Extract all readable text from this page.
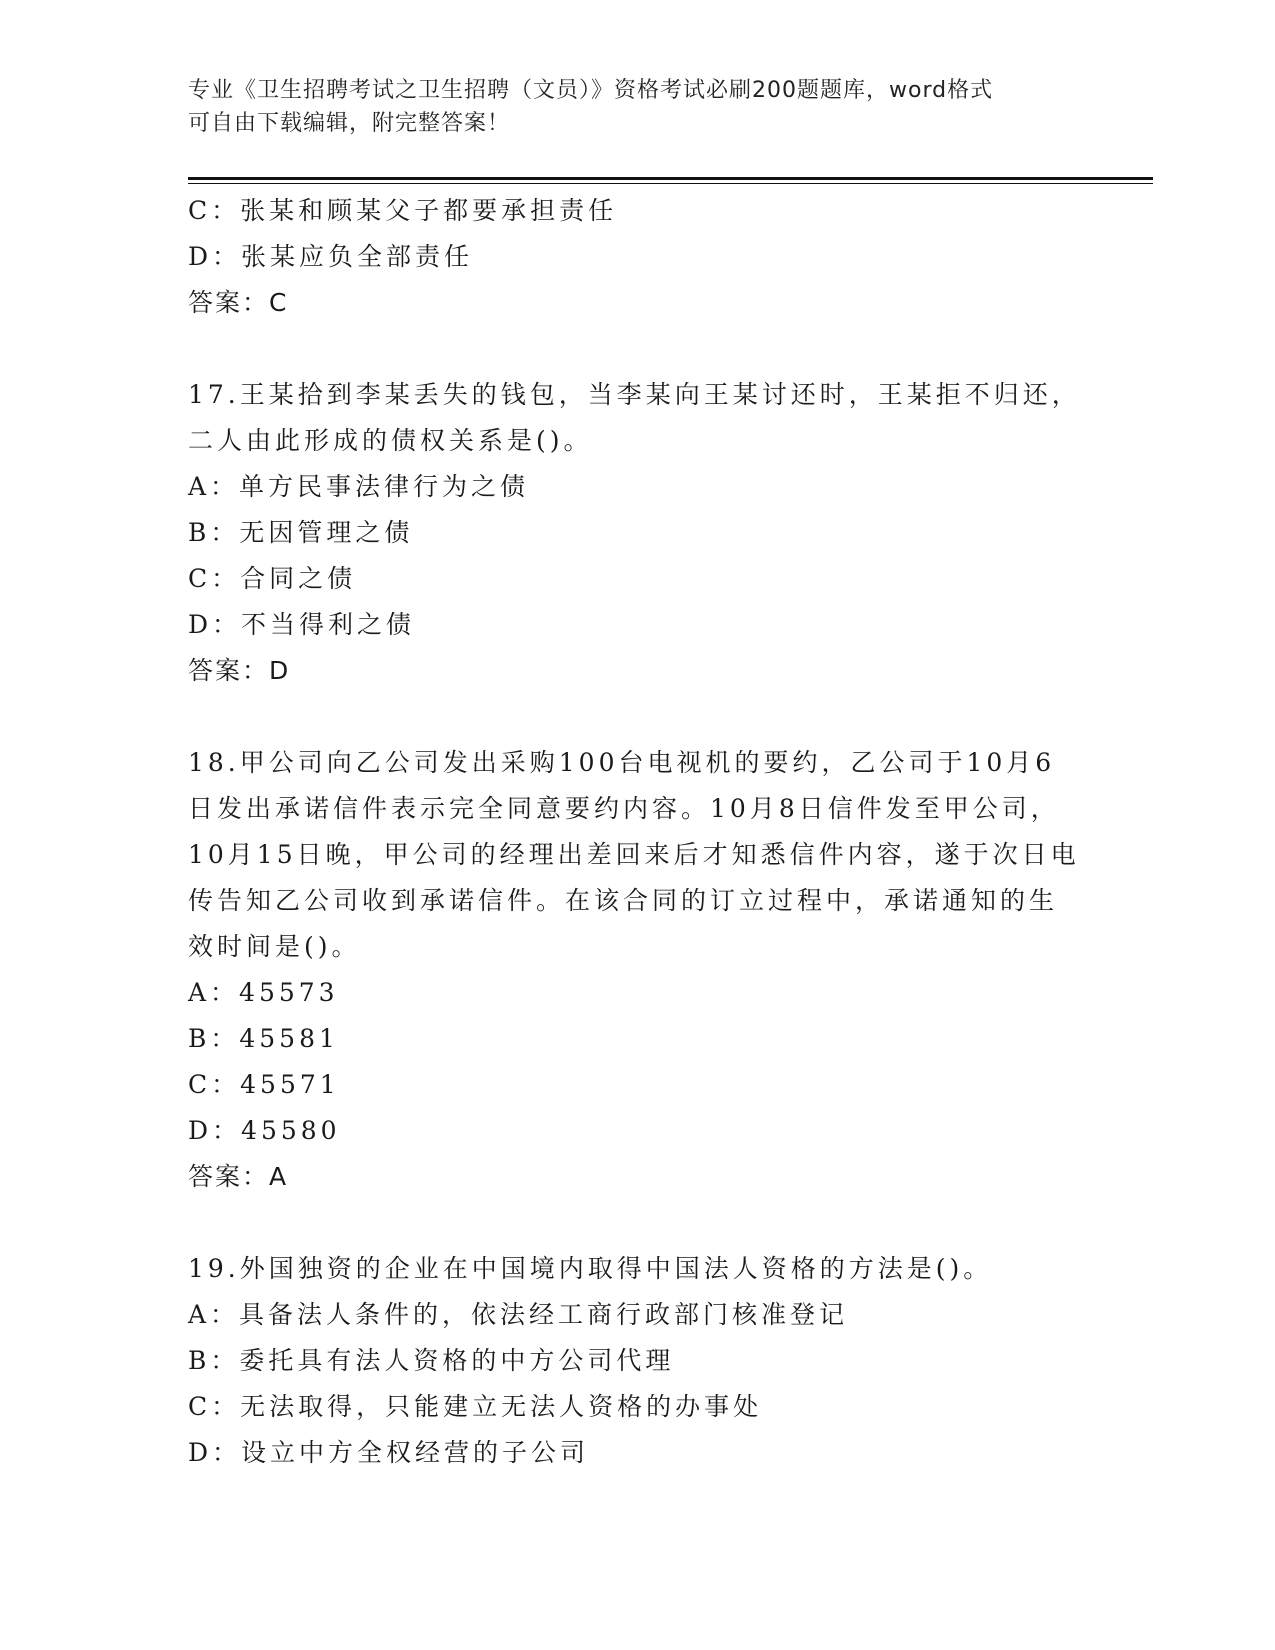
专业《卫生招聘考试之卫生招聘（文员）》资格考试必刷200题题库，word格式
可自由下载编辑，附完整答案！
C：张某和顾某父子都要承担责任
D：张某应负全部责任
答案：C
17.王某拾到李某丢失的钱包，当李某向王某讨还时，王某拒不归还，
二人由此形成的债权关系是()。
A：单方民事法律行为之债
B：无因管理之债
C：合同之债
D：不当得利之债
答案：D
18.甲公司向乙公司发出采购100台电视机的要约，乙公司于10月6
日发出承诺信件表示完全同意要约内容。10月8日信件发至甲公司，
10月15日晚，甲公司的经理出差回来后才知悉信件内容，遂于次日电
传告知乙公司收到承诺信件。在该合同的订立过程中，承诺通知的生
效时间是()。
A：45573
B：45581
C：45571
D：45580
答案：A
19.外国独资的企业在中国境内取得中国法人资格的方法是()。
A：具备法人条件的，依法经工商行政部门核准登记
B：委托具有法人资格的中方公司代理
C：无法取得，只能建立无法人资格的办事处
D：设立中方全权经营的子公司
